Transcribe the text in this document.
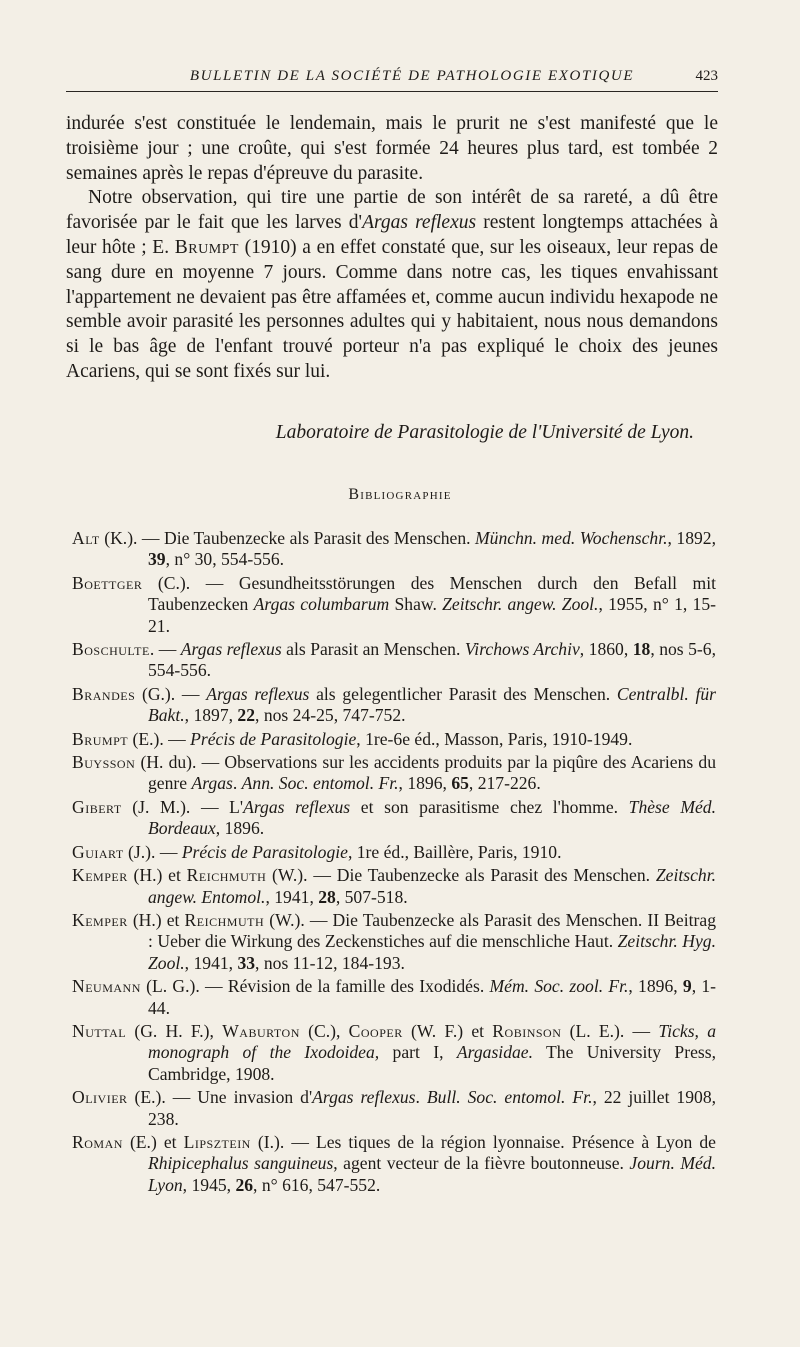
BULLETIN DE LA SOCIÉTÉ DE PATHOLOGIE EXOTIQUE	423

indurée s'est constituée le lendemain, mais le prurit ne s'est manifesté que le troisième jour ; une croûte, qui s'est formée 24 heures plus tard, est tombée 2 semaines après le repas d'épreuve du parasite.

Notre observation, qui tire une partie de son intérêt de sa rareté, a dû être favorisée par le fait que les larves d'Argas reflexus restent longtemps attachées à leur hôte ; E. Brumpt (1910) a en effet constaté que, sur les oiseaux, leur repas de sang dure en moyenne 7 jours. Comme dans notre cas, les tiques envahissant l'appartement ne devaient pas être affamées et, comme aucun individu hexapode ne semble avoir parasité les personnes adultes qui y habitaient, nous nous demandons si le bas âge de l'enfant trouvé porteur n'a pas expliqué le choix des jeunes Acariens, qui se sont fixés sur lui.

Laboratoire de Parasitologie de l'Université de Lyon.
Bibliographie
Alt (K.). — Die Taubenzecke als Parasit des Menschen. Münchn. med. Wochenschr., 1892, 39, n° 30, 554-556.
Boettger (C.). — Gesundheitsstörungen des Menschen durch den Befall mit Taubenzecken Argas columbarum Shaw. Zeitschr. angew. Zool., 1955, n° 1, 15-21.
Boschulte. — Argas reflexus als Parasit an Menschen. Virchows Archiv, 1860, 18, nos 5-6, 554-556.
Brandes (G.). — Argas reflexus als gelegentlicher Parasit des Menschen. Centralbl. für Bakt., 1897, 22, nos 24-25, 747-752.
Brumpt (E.). — Précis de Parasitologie, 1re-6e éd., Masson, Paris, 1910-1949.
Buysson (H. du). — Observations sur les accidents produits par la piqûre des Acariens du genre Argas. Ann. Soc. entomol. Fr., 1896, 65, 217-226.
Gibert (J. M.). — L'Argas reflexus et son parasitisme chez l'homme. Thèse Méd. Bordeaux, 1896.
Guiart (J.). — Précis de Parasitologie, 1re éd., Baillère, Paris, 1910.
Kemper (H.) et Reichmuth (W.). — Die Taubenzecke als Parasit des Menschen. Zeitschr. angew. Entomol., 1941, 28, 507-518.
Kemper (H.) et Reichmuth (W.). — Die Taubenzecke als Parasit des Menschen. II Beitrag : Ueber die Wirkung des Zeckenstiches auf die menschliche Haut. Zeitschr. Hyg. Zool., 1941, 33, nos 11-12, 184-193.
Neumann (L. G.). — Révision de la famille des Ixodidés. Mém. Soc. zool. Fr., 1896, 9, 1-44.
Nuttal (G. H. F.), Waburton (C.), Cooper (W. F.) et Robinson (L. E.). — Ticks, a monograph of the Ixodoidea, part I, Argasidae. The University Press, Cambridge, 1908.
Olivier (E.). — Une invasion d'Argas reflexus. Bull. Soc. entomol. Fr., 22 juillet 1908, 238.
Roman (E.) et Lipsztein (I.). — Les tiques de la région lyonnaise. Présence à Lyon de Rhipicephalus sanguineus, agent vecteur de la fièvre boutonneuse. Journ. Méd. Lyon, 1945, 26, n° 616, 547-552.
